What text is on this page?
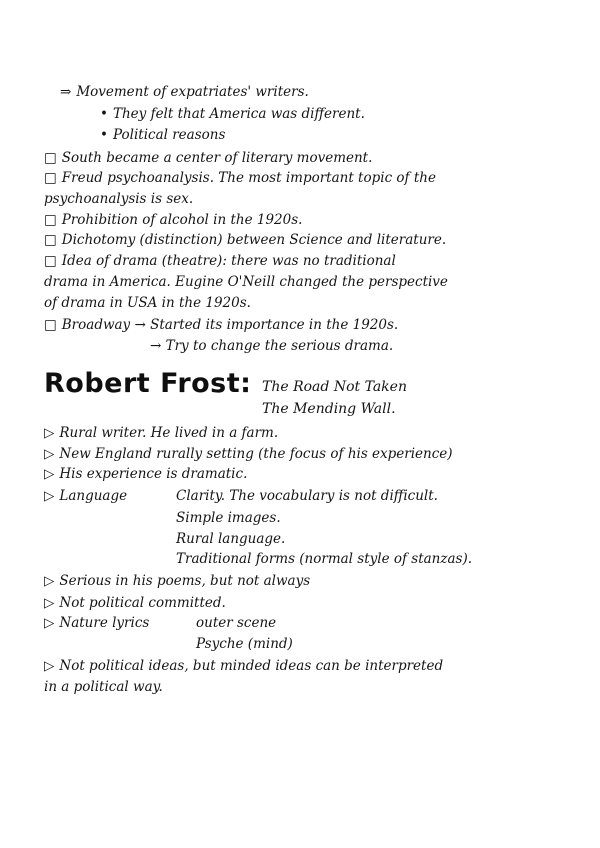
⇒ Movement of expatriates' writers.
• They felt that America was different.
• Political reasons
□ South became a center of literary movement.
□ Freud psychoanalysis. The most important topic of the
psychoanalysis is sex.
□ Prohibition of alcohol in the 1920s.
□ Dichotomy (distinction) between Science and literature.
□ Idea of drama (theatre): there was no traditional
drama in America. Eugine O'Neill changed the perspective
of drama in USA in the 1920s.
□ Broadway → Started its importance in the 1920s.
→ Try to change the serious drama.
Robert Frost: The Road Not Taken
The Mending Wall.
▷ Rural writer. He lived in a farm.
▷ New England rurally setting (the focus of his experience)
▷ His experience is dramatic.
▷ Language	Clarity. The vocabulary is not difficult.
Simple images.
Rural language.
Traditional forms (normal style of stanzas).
▷ Serious in his poems, but not always
▷ Not political committed.
▷ Nature lyrics	outer scene
Psyche (mind)
▷ Not political ideas, but minded ideas can be interpreted
in a political way.
